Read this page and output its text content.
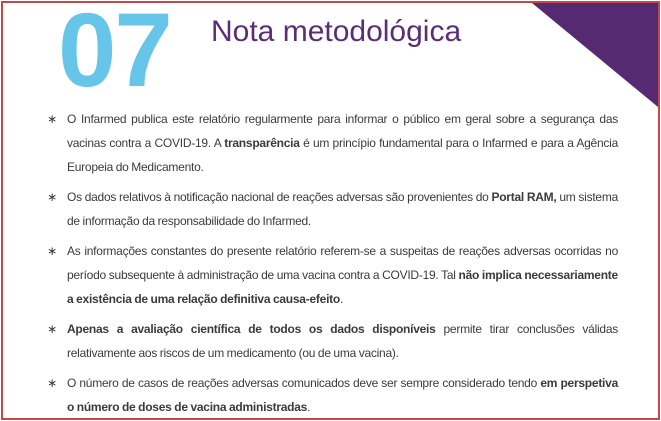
07 Nota metodológica
∗ O Infarmed publica este relatório regularmente para informar o público em geral sobre a segurança das vacinas contra a COVID-19. A transparência é um princípio fundamental para o Infarmed e para a Agência Europeia do Medicamento.
∗ Os dados relativos à notificação nacional de reações adversas são provenientes do Portal RAM, um sistema de informação da responsabilidade do Infarmed.
∗ As informações constantes do presente relatório referem-se a suspeitas de reações adversas ocorridas no período subsequente à administração de uma vacina contra a COVID-19. Tal não implica necessariamente a existência de uma relação definitiva causa-efeito.
∗ Apenas a avaliação científica de todos os dados disponíveis permite tirar conclusões válidas relativamente aos riscos de um medicamento (ou de uma vacina).
∗ O número de casos de reações adversas comunicados deve ser sempre considerado tendo em perspetiva o número de doses de vacina administradas.
